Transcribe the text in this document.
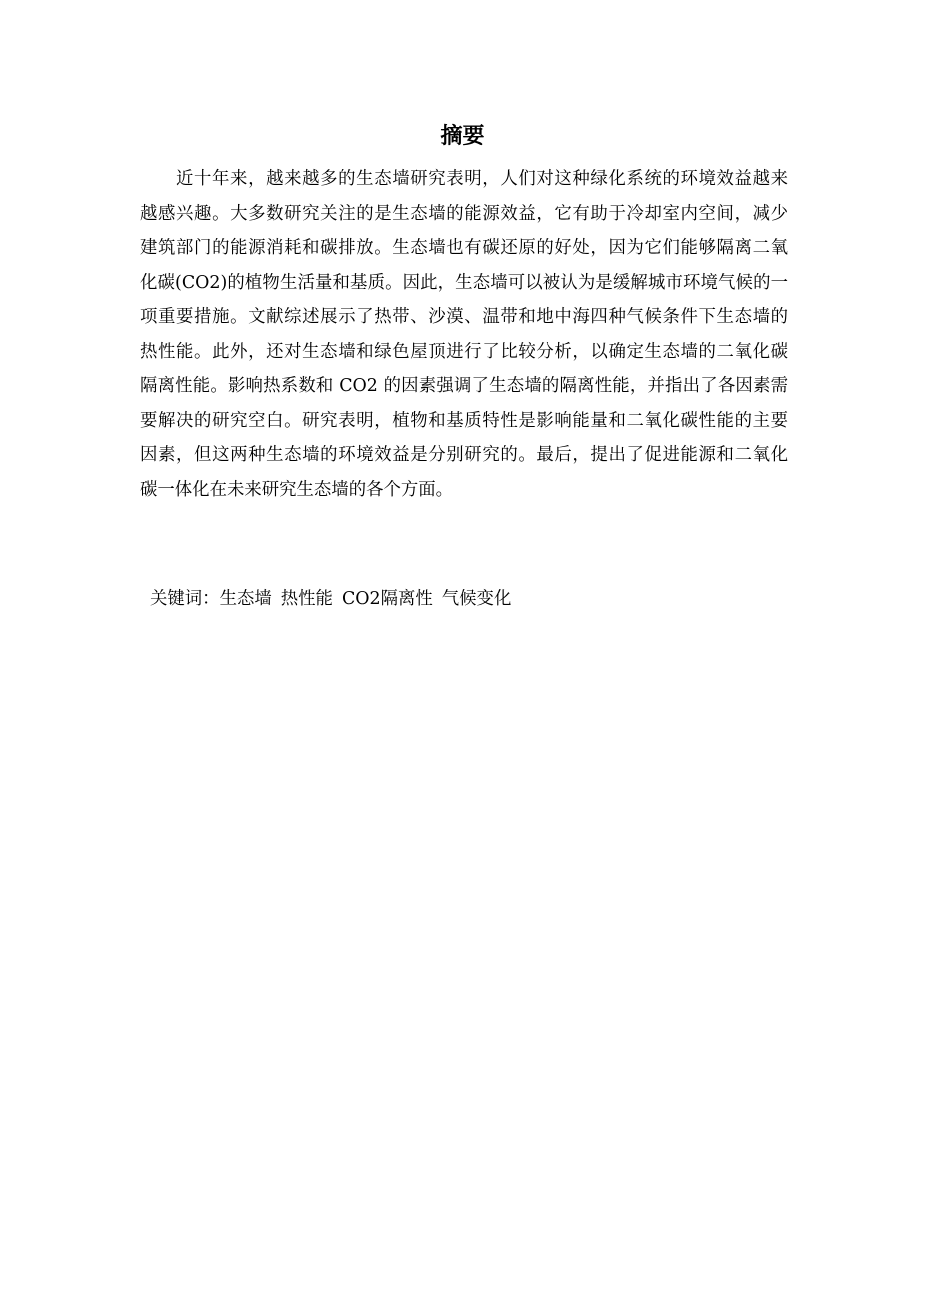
摘要
近十年来，越来越多的生态墙研究表明，人们对这种绿化系统的环境效益越来
越感兴趣。大多数研究关注的是生态墙的能源效益，它有助于冷却室内空间，减少
建筑部门的能源消耗和碳排放。生态墙也有碳还原的好处，因为它们能够隔离二氧
化碳(CO2)的植物生活量和基质。因此，生态墙可以被认为是缓解城市环境气候的一
项重要措施。文献综述展示了热带、沙漠、温带和地中海四种气候条件下生态墙的
热性能。此外，还对生态墙和绿色屋顶进行了比较分析，以确定生态墙的二氧化碳
隔离性能。影响热系数和 CO2 的因素强调了生态墙的隔离性能，并指出了各因素需
要解决的研究空白。研究表明，植物和基质特性是影响能量和二氧化碳性能的主要
因素，但这两种生态墙的环境效益是分别研究的。最后，提出了促进能源和二氧化
碳一体化在未来研究生态墙的各个方面。
关键词：生态墙 热性能 CO2隔离性 气候变化
